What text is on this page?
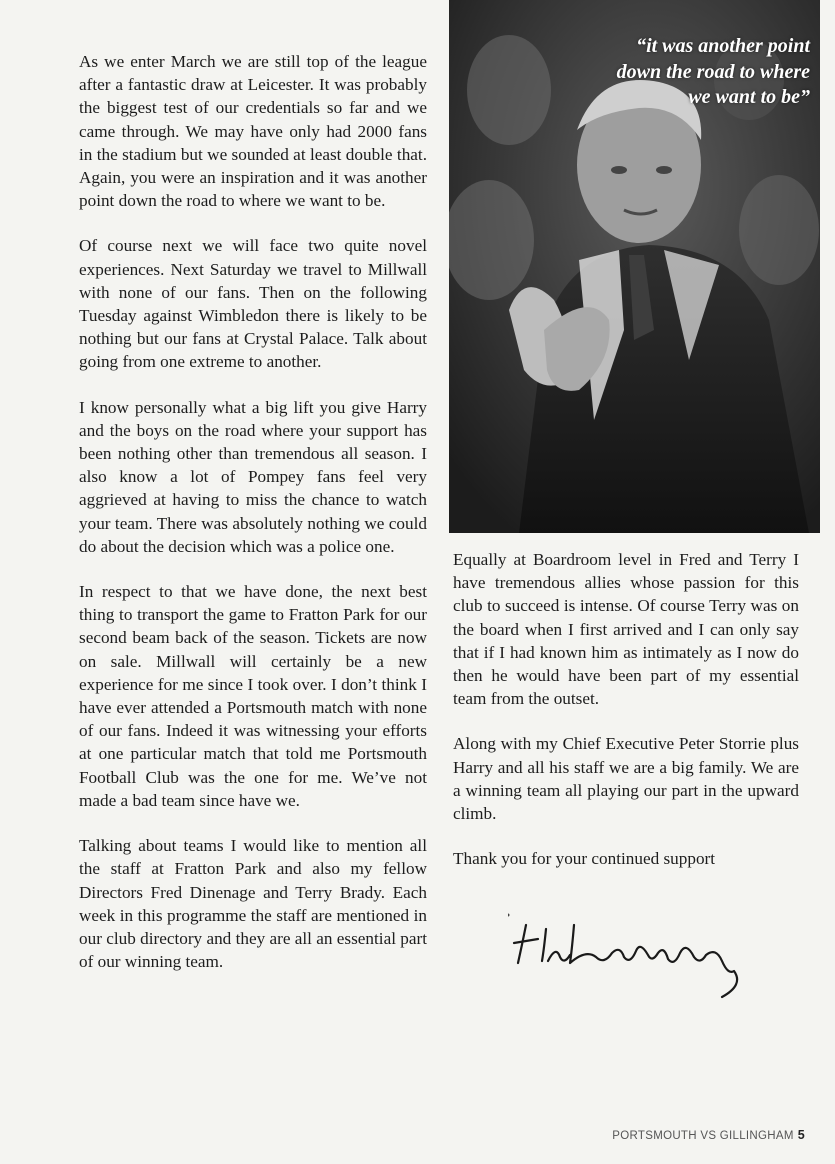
As we enter March we are still top of the league after a fantastic draw at Leicester. It was probably the biggest test of our credentials so far and we came through. We may have only had 2000 fans in the stadium but we sounded at least double that. Again, you were an inspiration and it was another point down the road to where we want to be.

Of course next we will face two quite novel experiences. Next Saturday we travel to Millwall with none of our fans. Then on the following Tuesday against Wimbledon there is likely to be nothing but our fans at Crystal Palace. Talk about going from one extreme to another.

I know personally what a big lift you give Harry and the boys on the road where your support has been nothing other than tremendous all season. I also know a lot of Pompey fans feel very aggrieved at having to miss the chance to watch your team. There was absolutely nothing we could do about the decision which was a police one.

In respect to that we have done, the next best thing to transport the game to Fratton Park for our second beam back of the season. Tickets are now on sale. Millwall will certainly be a new experience for me since I took over. I don’t think I have ever attended a Portsmouth match with none of our fans. Indeed it was witnessing your efforts at one particular match that told me Portsmouth Football Club was the one for me. We’ve not made a bad team since have we.

Talking about teams I would like to mention all the staff at Fratton Park and also my fellow Directors Fred Dinenage and Terry Brady. Each week in this programme the staff are mentioned in our club directory and they are all an essential part of our winning team.

“it was another point down the road to where we want to be”

Equally at Boardroom level in Fred and Terry I have tremendous allies whose passion for this club to succeed is intense. Of course Terry was on the board when I first arrived and I can only say that if I had known him as intimately as I now do then he would have been part of my essential team from the outset.

Along with my Chief Executive Peter Storrie plus Harry and all his staff we are a big family. We are a winning team all playing our part in the upward climb.

Thank you for your continued support

PORTSMOUTH VS GILLINGHAM 5
